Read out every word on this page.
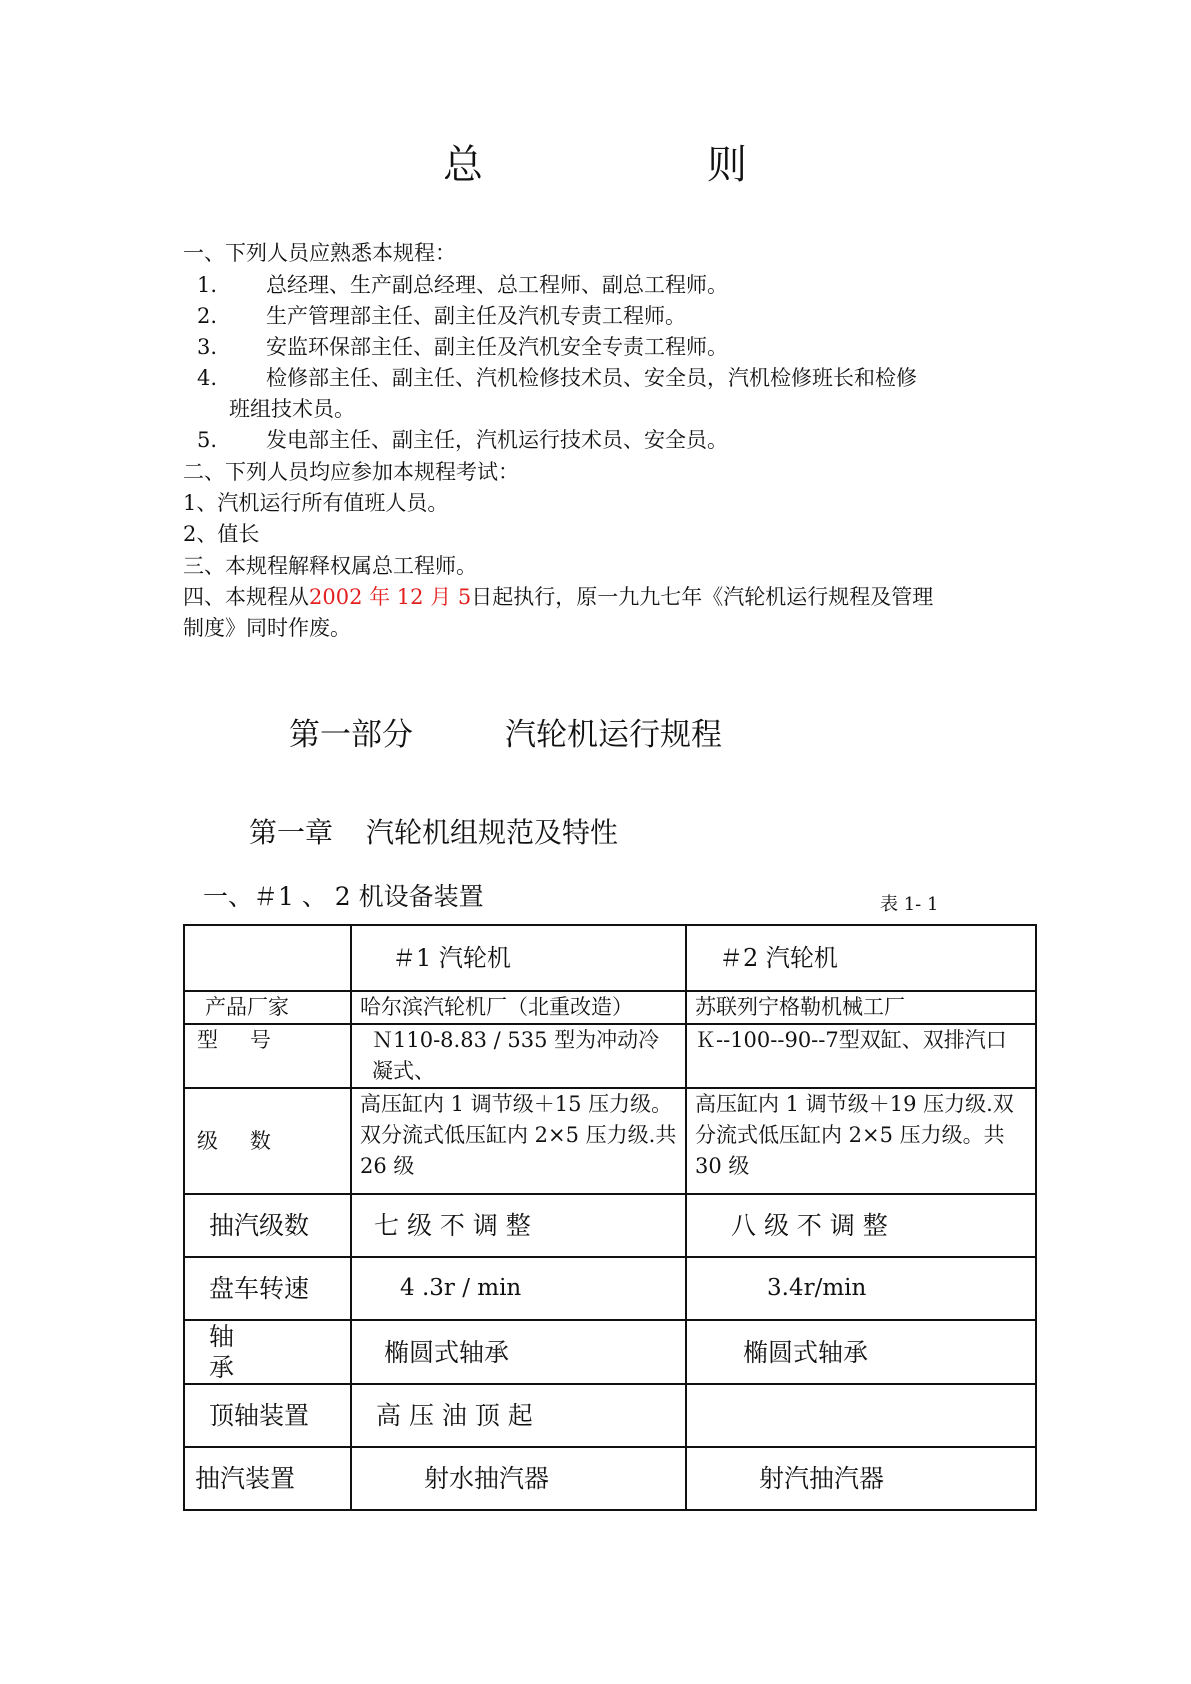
总	则
一、下列人员应熟悉本规程：
1. 总经理、生产副总经理、总工程师、副总工程师。
2. 生产管理部主任、副主任及汽机专责工程师。
3. 安监环保部主任、副主任及汽机安全专责工程师。
4. 检修部主任、副主任、汽机检修技术员、安全员，汽机检修班长和检修
班组技术员。
5. 发电部主任、副主任，汽机运行技术员、安全员。
二、下列人员均应参加本规程考试：
1、汽机运行所有值班人员。
2、值长
三、本规程解释权属总工程师。
四、本规程从2002 年 12 月 5日起执行，原一九九七年《汽轮机运行规程及管理
制度》同时作废。
第一部分	汽轮机运行规程
第一章 汽轮机组规范及特性
一、＃1 、 2 机设备装置	表 1- 1
	＃1 汽轮机	＃2 汽轮机
产品厂家	哈尔滨汽轮机厂（北重改造）	苏联列宁格勒机械工厂
型 号	Ｎ110-8.83 / 535 型为冲动冷凝式、	Ｋ--100--90--7型双缸、双排汽口
级 数	高压缸内 1 调节级＋15 压力级。双分流式低压缸内 2×5 压力级.共 26 级	高压缸内 1 调节级＋19 压力级.双分流式低压缸内 2×5 压力级。共30 级
抽汽级数	七 级 不 调 整	八 级 不 调 整
盘车转速	4 .3r / min	3.4r/min
轴 承	椭圆式轴承	椭圆式轴承
顶轴装置	高 压 油 顶 起	
抽汽装置	射水抽汽器	射汽抽汽器
